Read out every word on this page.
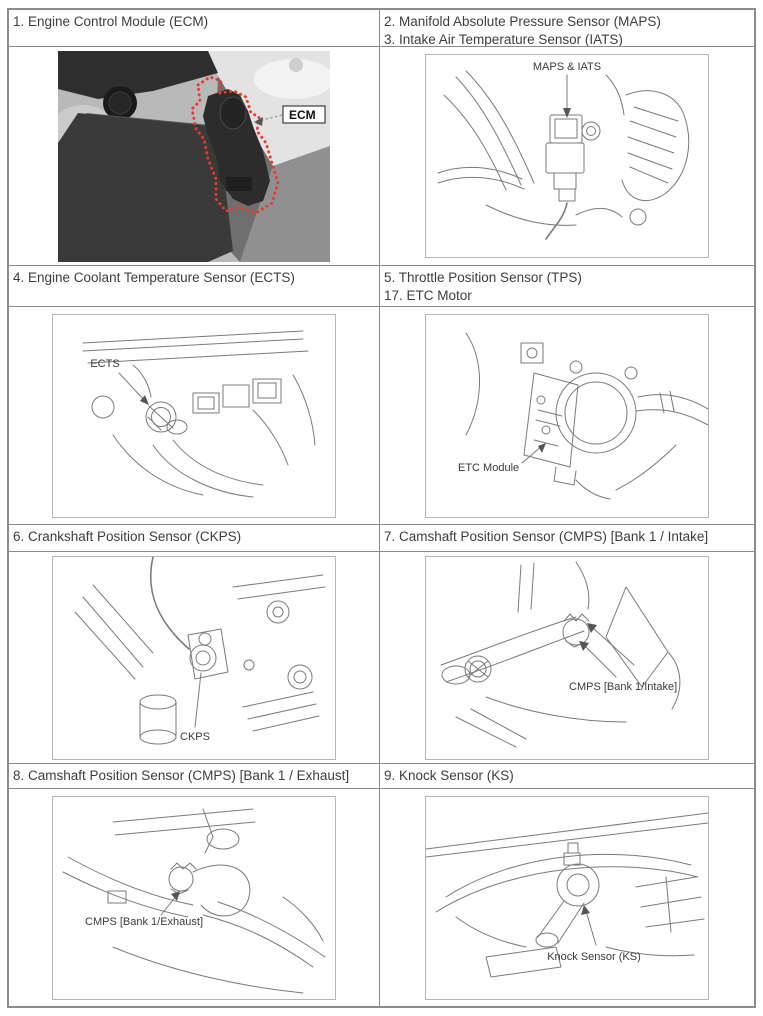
1. Engine Control Module (ECM)	2. Manifold Absolute Pressure Sensor (MAPS)
3. Intake Air Temperature Sensor (IATS)
ECM
MAPS & IATS
4. Engine Coolant Temperature Sensor (ECTS)	5. Throttle Position Sensor (TPS)
17. ETC Motor
ECTS
ETC Module
6. Crankshaft Position Sensor (CKPS)	7. Camshaft Position Sensor (CMPS) [Bank 1 / Intake]
CKPS
CMPS [Bank 1/Intake]
8. Camshaft Position Sensor (CMPS) [Bank 1 / Exhaust]	9. Knock Sensor (KS)
CMPS [Bank 1/Exhaust]
Knock Sensor (KS)
